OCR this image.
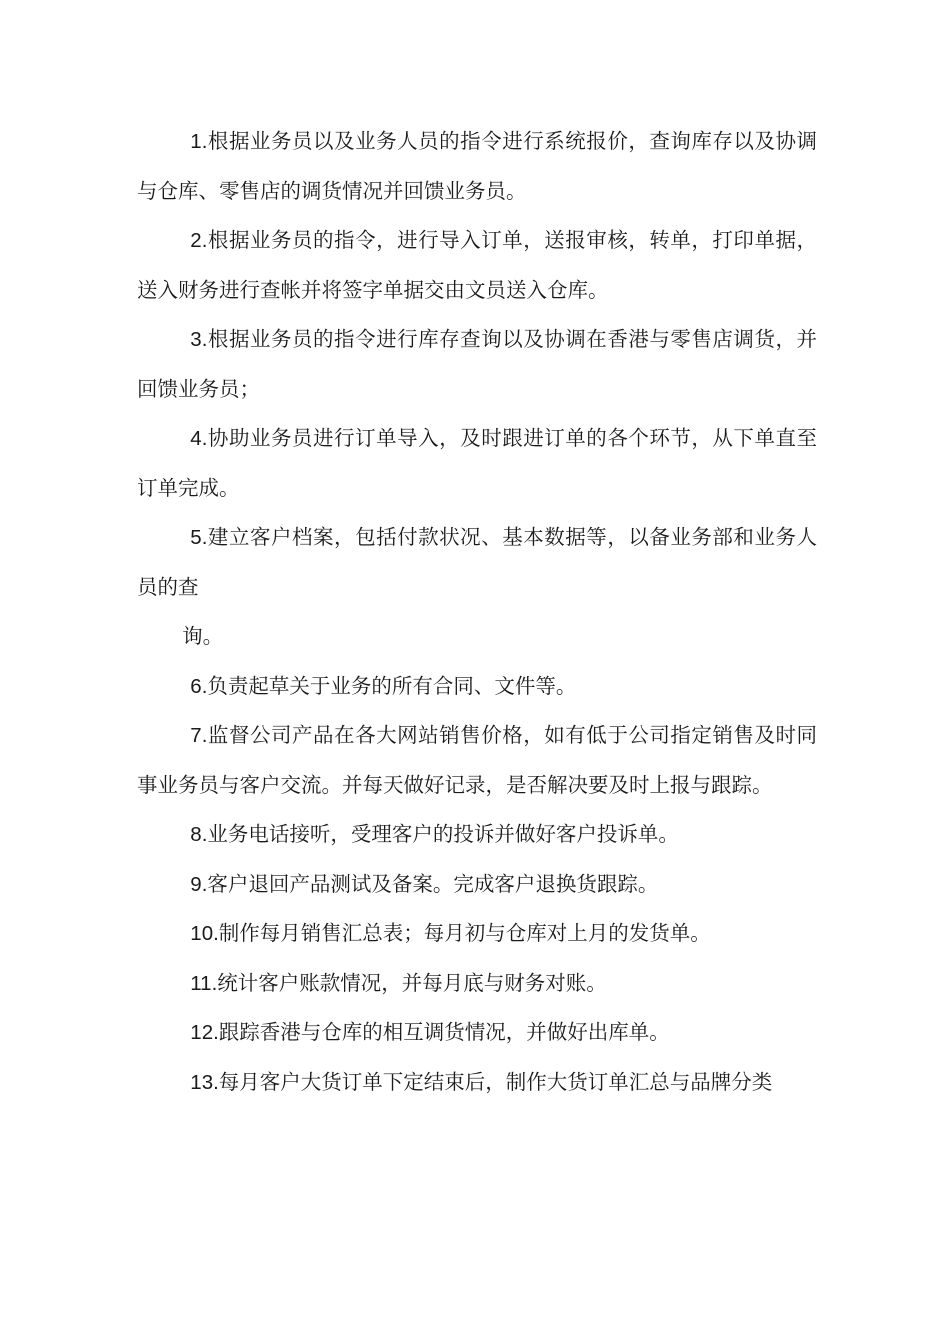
1.根据业务员以及业务人员的指令进行系统报价，查询库存以及协调与仓库、零售店的调货情况并回馈业务员。

2.根据业务员的指令，进行导入订单，送报审核，转单，打印单据，送入财务进行查帐并将签字单据交由文员送入仓库。

3.根据业务员的指令进行库存查询以及协调在香港与零售店调货，并回馈业务员；

4.协助业务员进行订单导入，及时跟进订单的各个环节，从下单直至订单完成。

5.建立客户档案，包括付款状况、基本数据等，以备业务部和业务人员的查

询。

6.负责起草关于业务的所有合同、文件等。

7.监督公司产品在各大网站销售价格，如有低于公司指定销售及时同事业务员与客户交流。并每天做好记录，是否解决要及时上报与跟踪。

8.业务电话接听，受理客户的投诉并做好客户投诉单。

9.客户退回产品测试及备案。完成客户退换货跟踪。

10.制作每月销售汇总表；每月初与仓库对上月的发货单。

11.统计客户账款情况，并每月底与财务对账。

12.跟踪香港与仓库的相互调货情况，并做好出库单。

13.每月客户大货订单下定结束后，制作大货订单汇总与品牌分类
